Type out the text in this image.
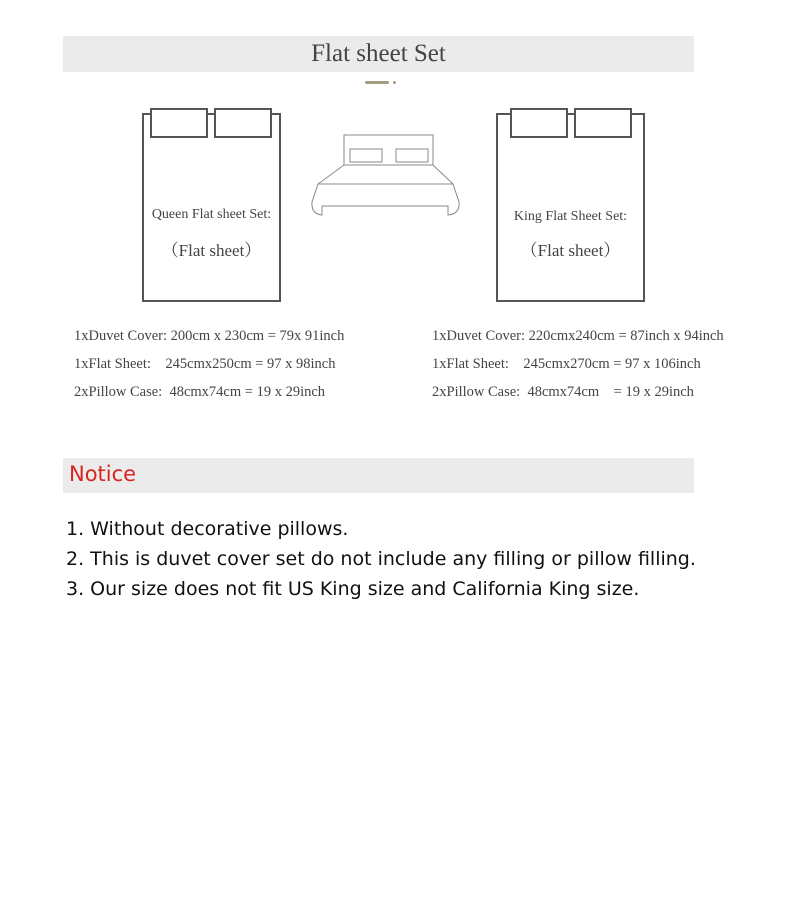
Flat sheet Set
Queen Flat sheet Set:
（Flat sheet）
King Flat Sheet Set:
（Flat sheet）
1xDuvet Cover: 200cm x 230cm = 79x 91inch
1xFlat Sheet:    245cmx250cm = 97 x 98inch
2xPillow Case:  48cmx74cm = 19 x 29inch
1xDuvet Cover: 220cmx240cm = 87inch x 94inch
1xFlat Sheet:    245cmx270cm = 97 x 106inch
2xPillow Case:  48cmx74cm    = 19 x 29inch
Notice
1. Without decorative pillows.
2. This is duvet cover set do not include any filling or pillow filling.
3. Our size does not fit US King size and California King size.
